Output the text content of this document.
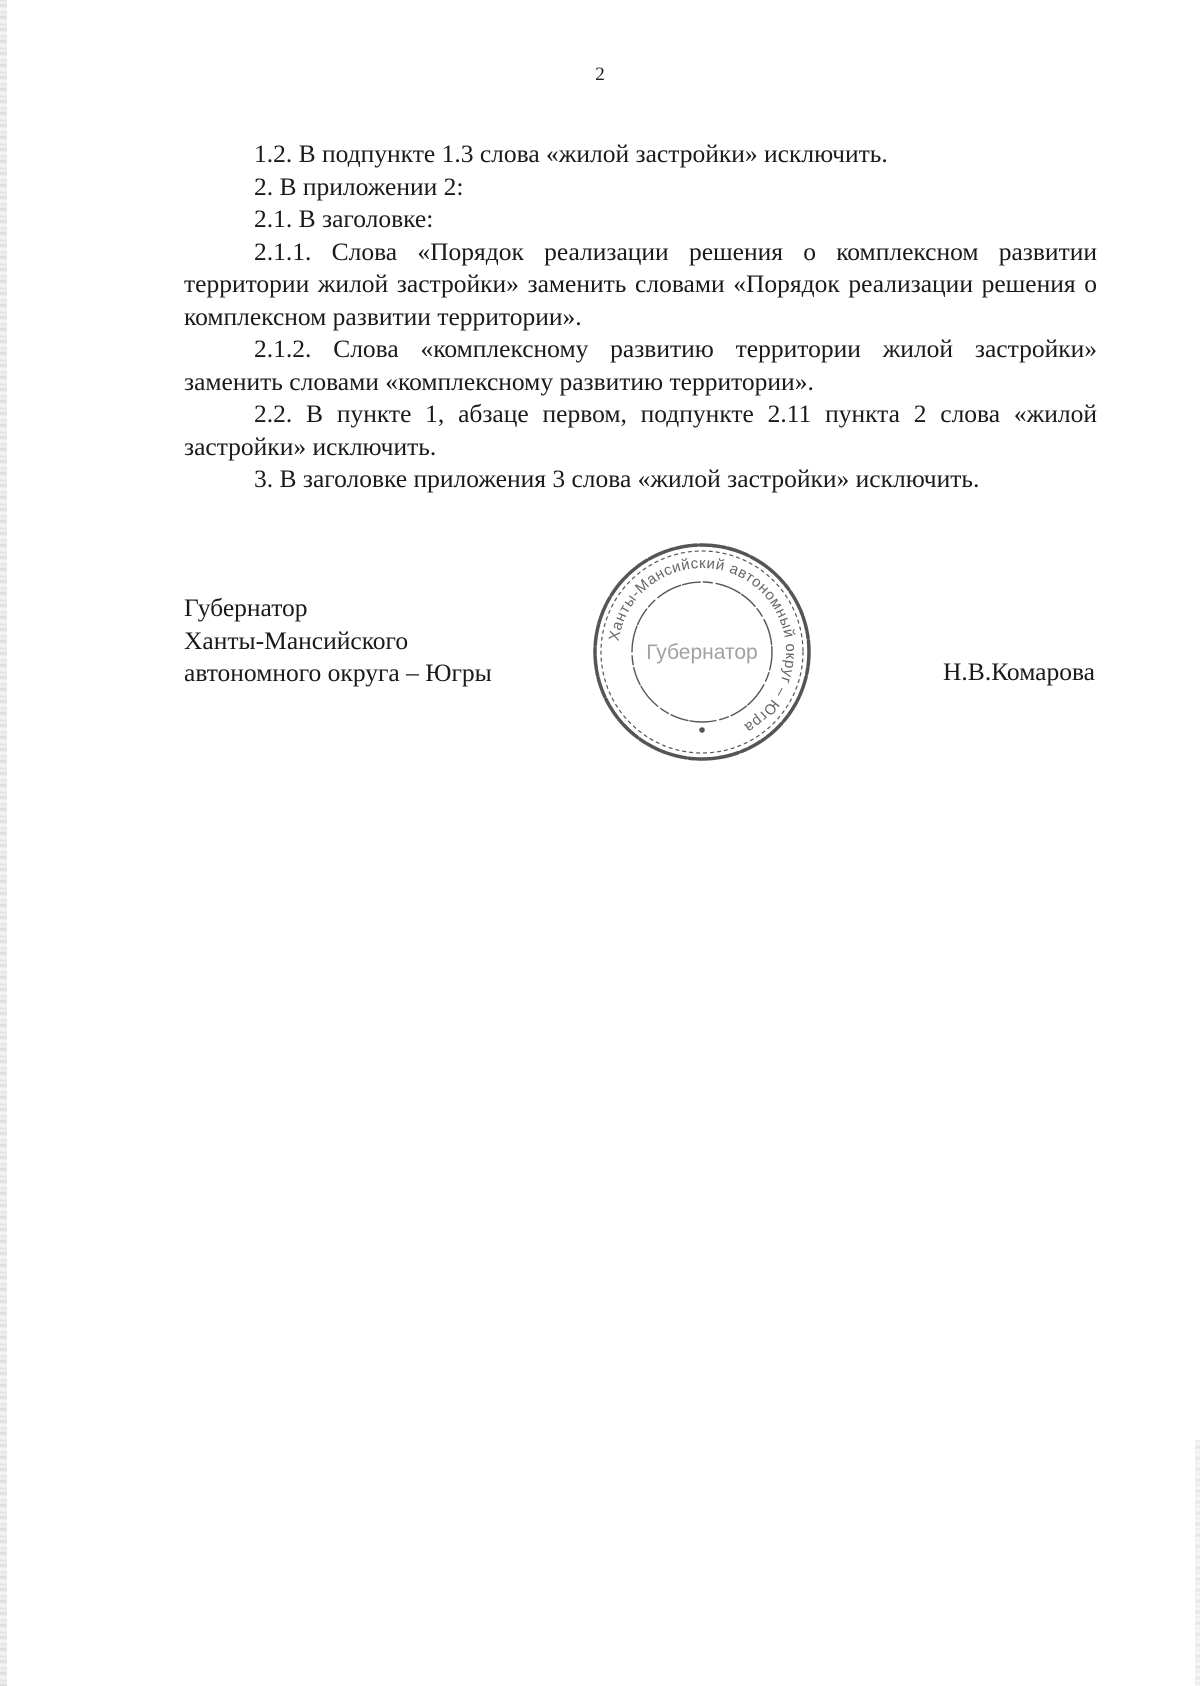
2

1.2. В подпункте 1.3 слова «жилой застройки» исключить.

2. В приложении 2:

2.1. В заголовке:

2.1.1. Слова «Порядок реализации решения о комплексном развитии территории жилой застройки» заменить словами «Порядок реализации решения о комплексном развитии территории».

2.1.2. Слова «комплексному развитию территории жилой застройки» заменить словами «комплексному развитию территории».

2.2. В пункте 1, абзаце первом, подпункте 2.11 пункта 2 слова «жилой застройки» исключить.

3. В заголовке приложения 3 слова «жилой застройки» исключить.

Губернатор
Ханты-Мансийского
автономного округа – Югры
Ханты-Мансийский автономный округ – Югра
Губернатор
Н.В.Комарова
